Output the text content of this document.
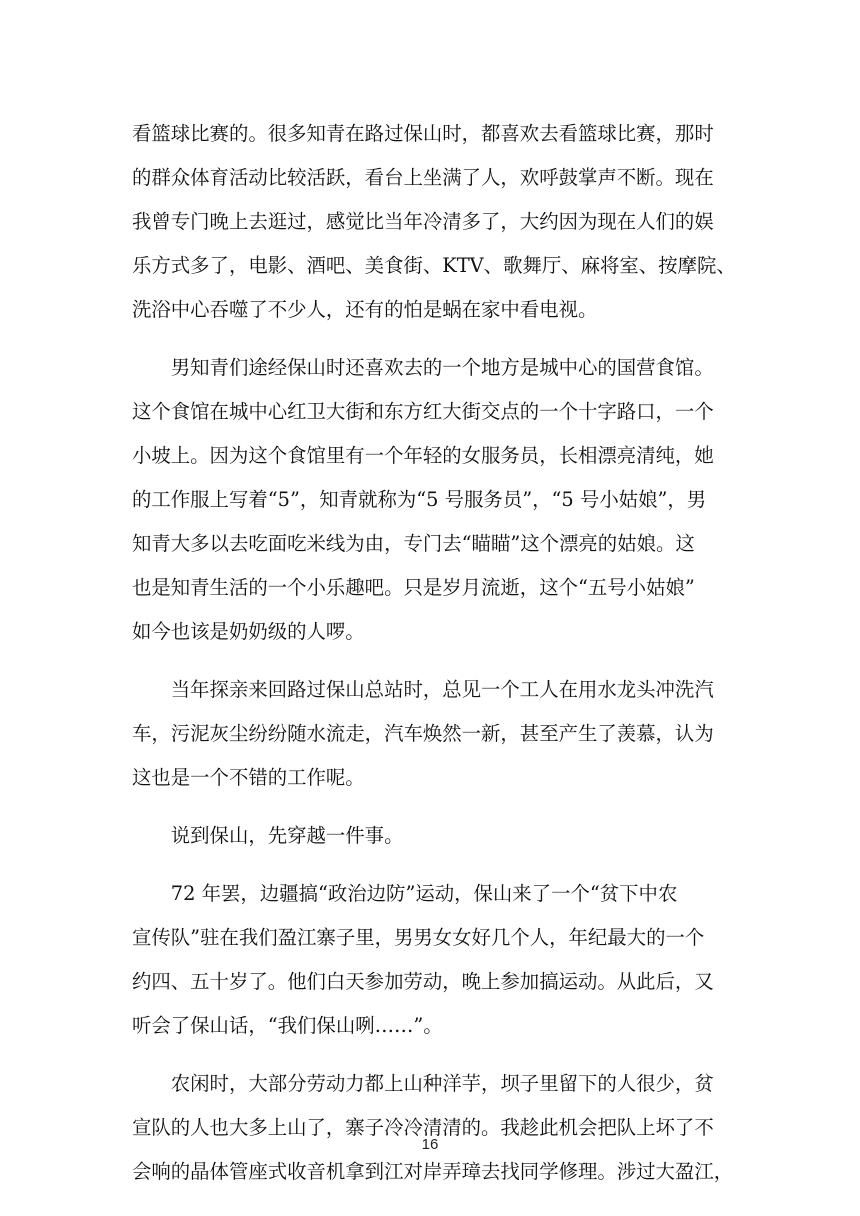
看篮球比赛的。很多知青在路过保山时，都喜欢去看篮球比赛，那时
的群众体育活动比较活跃，看台上坐满了人，欢呼鼓掌声不断。现在
我曾专门晚上去逛过，感觉比当年冷清多了，大约因为现在人们的娱
乐方式多了，电影、酒吧、美食街、KTV、歌舞厅、麻将室、按摩院、
洗浴中心吞噬了不少人，还有的怕是蜗在家中看电视。
　　男知青们途经保山时还喜欢去的一个地方是城中心的国营食馆。
这个食馆在城中心红卫大街和东方红大街交点的一个十字路口，一个
小坡上。因为这个食馆里有一个年轻的女服务员，长相漂亮清纯，她
的工作服上写着“5”，知青就称为“5 号服务员”，“5 号小姑娘”，男
知青大多以去吃面吃米线为由，专门去“瞄瞄”这个漂亮的姑娘。这
也是知青生活的一个小乐趣吧。只是岁月流逝，这个“五号小姑娘”
如今也该是奶奶级的人啰。
　　当年探亲来回路过保山总站时，总见一个工人在用水龙头冲洗汽
车，污泥灰尘纷纷随水流走，汽车焕然一新，甚至产生了羡慕，认为
这也是一个不错的工作呢。
　　说到保山，先穿越一件事。
　　72 年罢，边疆搞“政治边防”运动，保山来了一个“贫下中农
宣传队”驻在我们盈江寨子里，男男女女好几个人，年纪最大的一个
约四、五十岁了。他们白天参加劳动，晚上参加搞运动。从此后，又
听会了保山话，“我们保山咧……”。
　　农闲时，大部分劳动力都上山种洋芋，坝子里留下的人很少，贫
宣队的人也大多上山了，寨子冷冷清清的。我趁此机会把队上坏了不
会响的晶体管座式收音机拿到江对岸弄璋去找同学修理。涉过大盈江，
16
